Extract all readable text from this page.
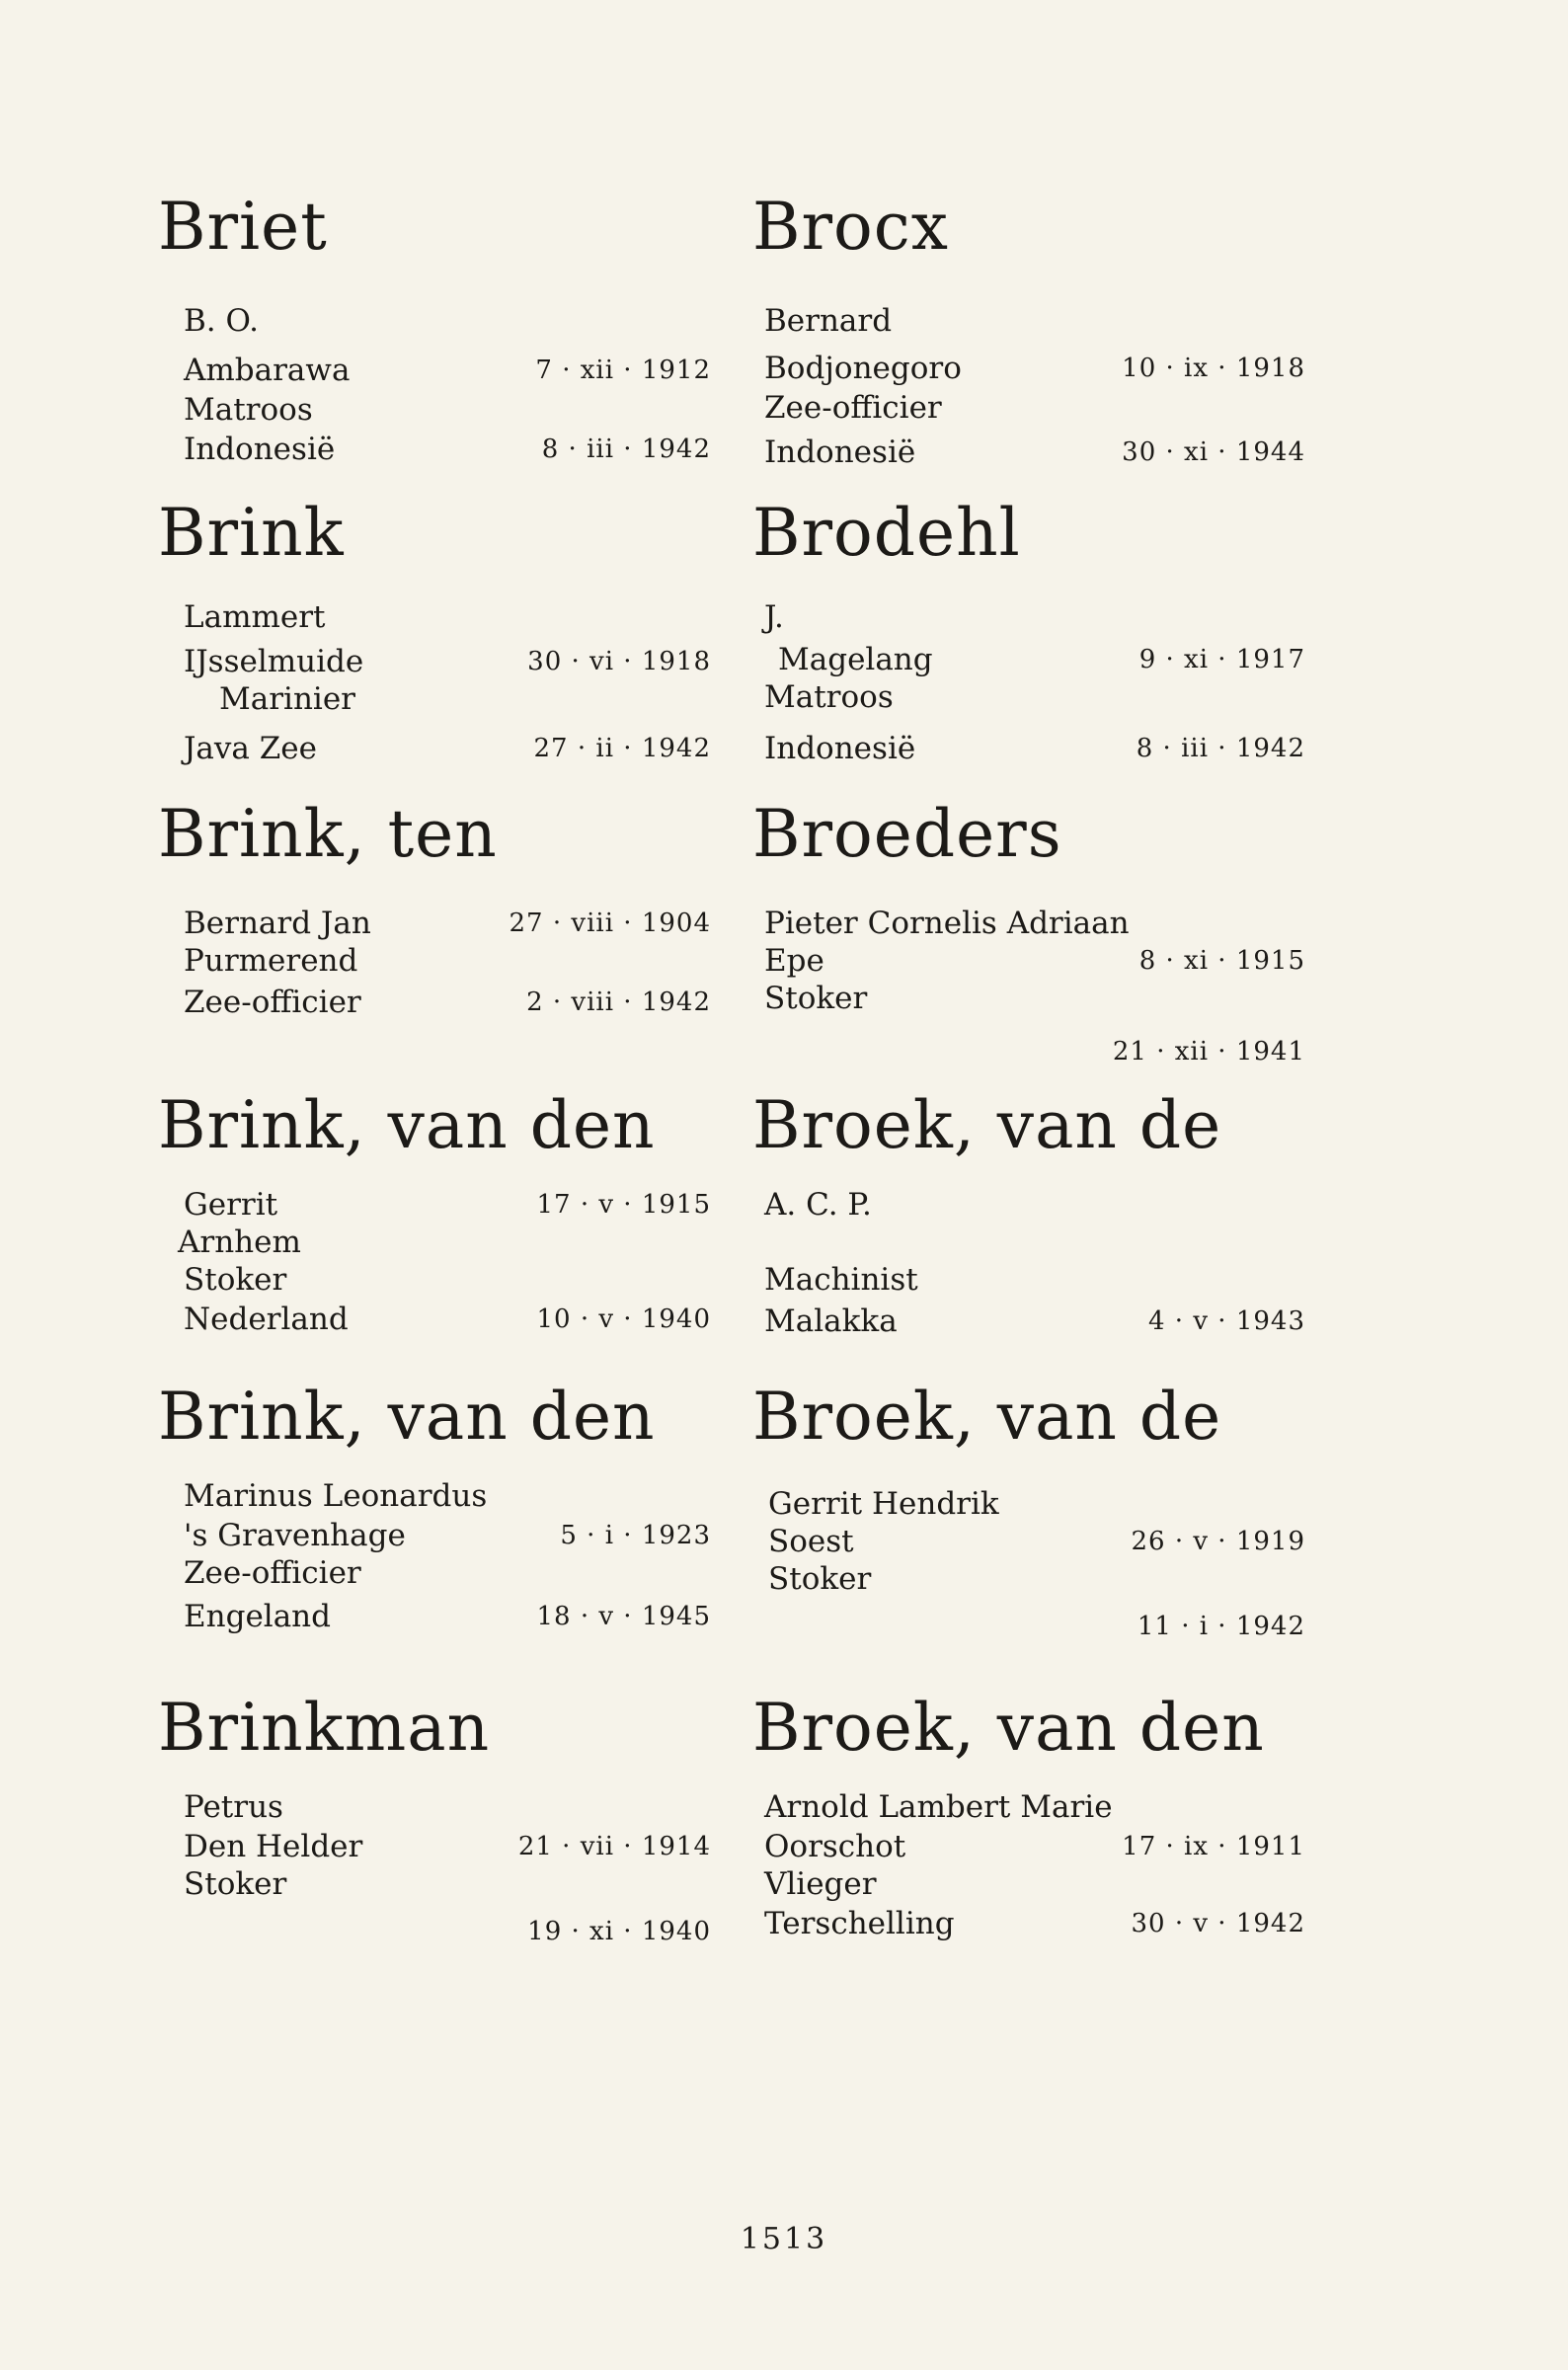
Briet
B. O.
Ambarawa	7 · xii · 1912
Matroos
Indonesië	8 · iii · 1942
Brink
Lammert
IJsselmuide	30 · vi · 1918
Marinier
Java Zee	27 · ii · 1942
Brink, ten
Bernard Jan	27 · viii · 1904
Purmerend
Zee-officier	2 · viii · 1942
Brink, van den
Gerrit	17 · v · 1915
Arnhem
Stoker
Nederland	10 · v · 1940
Brink, van den
Marinus Leonardus
's Gravenhage	5 · i · 1923
Zee-officier
Engeland	18 · v · 1945
Brinkman
Petrus
Den Helder	21 · vii · 1914
Stoker
19 · xi · 1940
Brocx
Bernard
Bodjonegoro	10 · ix · 1918
Zee-officier
Indonesië	30 · xi · 1944
Brodehl
J.
Magelang	9 · xi · 1917
Matroos
Indonesië	8 · iii · 1942
Broeders
Pieter Cornelis Adriaan
Epe	8 · xi · 1915
Stoker
21 · xii · 1941
Broek, van de
A. C. P.
Machinist
Malakka	4 · v · 1943
Broek, van de
Gerrit Hendrik
Soest	26 · v · 1919
Stoker
11 · i · 1942
Broek, van den
Arnold Lambert Marie
Oorschot	17 · ix · 1911
Vlieger
Terschelling	30 · v · 1942
1513
